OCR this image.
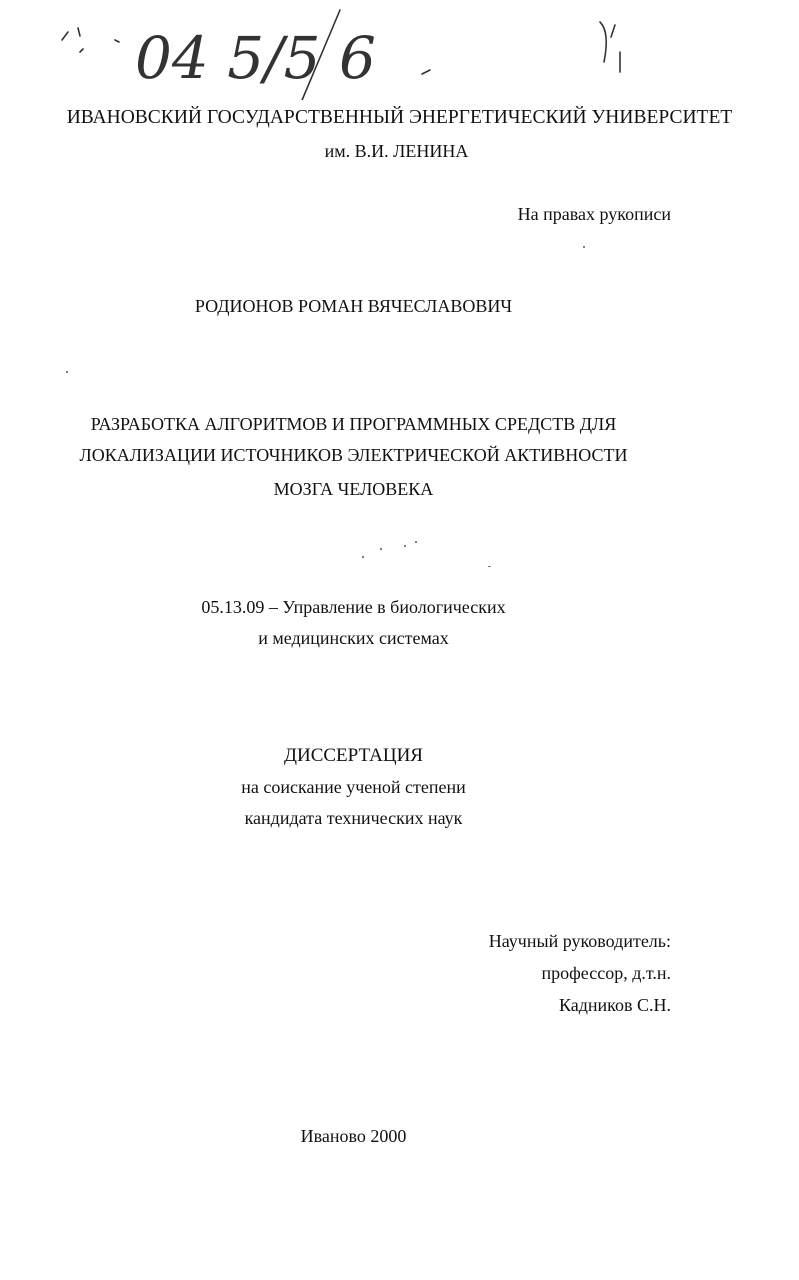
04 5/5 6
ИВАНОВСКИЙ ГОСУДАРСТВЕННЫЙ ЭНЕРГЕТИЧЕСКИЙ УНИВЕРСИТЕТ
им. В.И. ЛЕНИНА
На правах рукописи
РОДИОНОВ РОМАН ВЯЧЕСЛАВОВИЧ
РАЗРАБОТКА АЛГОРИТМОВ И ПРОГРАММНЫХ СРЕДСТВ ДЛЯ
ЛОКАЛИЗАЦИИ ИСТОЧНИКОВ ЭЛЕКТРИЧЕСКОЙ АКТИВНОСТИ
МОЗГА ЧЕЛОВЕКА
05.13.09 – Управление в биологических
и медицинских системах
ДИССЕРТАЦИЯ
на соискание ученой степени
кандидата технических наук
Научный руководитель:
профессор, д.т.н.
Кадников С.Н.
Иваново 2000
